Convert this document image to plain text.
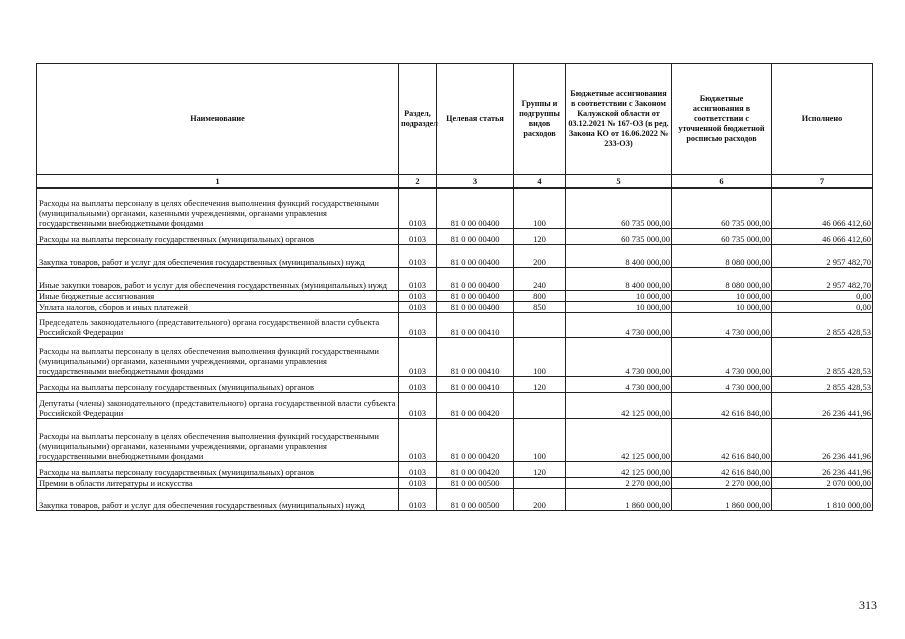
Наименование	Раздел, подраздел	Целевая статья	Группы и подгруппы видов расходов	Бюджетные ассигнования в соответствии с Законом Калужской области от 03.12.2021 № 167-ОЗ (в ред. Закона КО от 16.06.2022 № 233-ОЗ)	Бюджетные ассигнования в соответствии с уточненной бюджетной росписью расходов	Исполнено
1	2	3	4	5	6	7
Расходы на выплаты персоналу в целях обеспечения выполнения функций государственными (муниципальными) органами, казенными учреждениями, органами управления государственными внебюджетными фондами	0103	81 0 00 00400	100	60 735 000,00	60 735 000,00	46 066 412,60
Расходы на выплаты персоналу государственных (муниципальных) органов	0103	81 0 00 00400	120	60 735 000,00	60 735 000,00	46 066 412,60
Закупка товаров, работ и услуг для обеспечения государственных (муниципальных) нужд	0103	81 0 00 00400	200	8 400 000,00	8 080 000,00	2 957 482,70
Иные закупки товаров, работ и услуг для обеспечения государственных (муниципальных) нужд	0103	81 0 00 00400	240	8 400 000,00	8 080 000,00	2 957 482,70
Иные бюджетные ассигнования	0103	81 0 00 00400	800	10 000,00	10 000,00	0,00
Уплата налогов, сборов и иных платежей	0103	81 0 00 00400	850	10 000,00	10 000,00	0,00
Председатель законодательного (представительного) органа государственной власти субъекта Российской Федерации	0103	81 0 00 00410		4 730 000,00	4 730 000,00	2 855 428,53
Расходы на выплаты персоналу в целях обеспечения выполнения функций государственными (муниципальными) органами, казенными учреждениями, органами управления государственными внебюджетными фондами	0103	81 0 00 00410	100	4 730 000,00	4 730 000,00	2 855 428,53
Расходы на выплаты персоналу государственных (муниципальных) органов	0103	81 0 00 00410	120	4 730 000,00	4 730 000,00	2 855 428,53
Депутаты (члены) законодательного (представительного) органа государственной власти субъекта Российской Федерации	0103	81 0 00 00420		42 125 000,00	42 616 840,00	26 236 441,96
Расходы на выплаты персоналу в целях обеспечения выполнения функций государственными (муниципальными) органами, казенными учреждениями, органами управления государственными внебюджетными фондами	0103	81 0 00 00420	100	42 125 000,00	42 616 840,00	26 236 441,96
Расходы на выплаты персоналу государственных (муниципальных) органов	0103	81 0 00 00420	120	42 125 000,00	42 616 840,00	26 236 441,96
Премии в области литературы и искусства	0103	81 0 00 00500		2 270 000,00	2 270 000,00	2 070 000,00
Закупка товаров, работ и услуг для обеспечения государственных (муниципальных) нужд	0103	81 0 00 00500	200	1 860 000,00	1 860 000,00	1 810 000,00
313
